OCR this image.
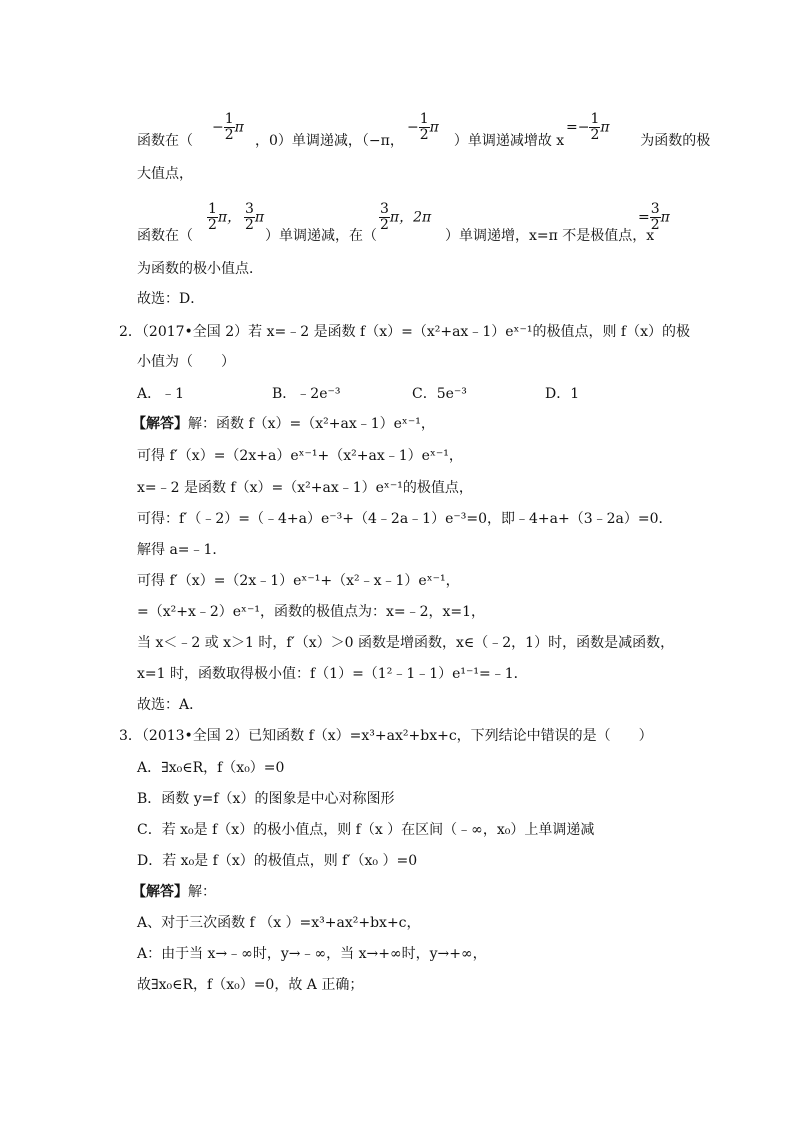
− $\frac{1}{2}$ π	− $\frac{1}{2}$ π	=− $\frac{1}{2}$ π
函数在（	，0）单调递减，（−π，	）单调递减增故 x	为函数的极
大值点，
$\frac{1}{2}$ π， $\frac{3}{2}$ π	$\frac{3}{2}$ π，2π	= $\frac{3}{2}$ π
函数在（	）单调递减，在（	）单调递增，x=π 不是极值点，x
为函数的极小值点．
故选：D．
2．（2017•全国 2）若 x=﹣2 是函数 f（x）=（x²+ax﹣1）eˣ⁻¹的极值点，则 f（x）的极
小值为（　　）
A．﹣1	B．﹣2e⁻³	C．5e⁻³	D．1
【解答】解：函数 f（x）=（x²+ax﹣1）eˣ⁻¹，
可得 f′（x）=（2x+a）eˣ⁻¹+（x²+ax﹣1）eˣ⁻¹，
x=﹣2 是函数 f（x）=（x²+ax﹣1）eˣ⁻¹的极值点，
可得：f′（﹣2）=（﹣4+a）e⁻³+（4﹣2a﹣1）e⁻³=0，即﹣4+a+（3﹣2a）=0．
解得 a=﹣1．
可得 f′（x）=（2x﹣1）eˣ⁻¹+（x²﹣x﹣1）eˣ⁻¹，
=（x²+x﹣2）eˣ⁻¹，函数的极值点为：x=﹣2，x=1，
当 x＜﹣2 或 x＞1 时，f′（x）＞0 函数是增函数，x∈（﹣2，1）时，函数是减函数，
x=1 时，函数取得极小值：f（1）=（1²﹣1﹣1）e¹⁻¹=﹣1．
故选：A．
3．（2013•全国 2）已知函数 f（x）=x³+ax²+bx+c，下列结论中错误的是（　　）
A．∃x₀∈R，f（x₀）=0
B．函数 y=f（x）的图象是中心对称图形
C．若 x₀是 f（x）的极小值点，则 f（x ）在区间（﹣∞，x₀）上单调递减
D．若 x₀是 f（x）的极值点，则 f′（x₀ ）=0
【解答】解：
A、对于三次函数 f （x ）=x³+ax²+bx+c，
A：由于当 x→﹣∞时，y→﹣∞，当 x→+∞时，y→+∞，
故∃x₀∈R，f（x₀）=0，故 A 正确；
